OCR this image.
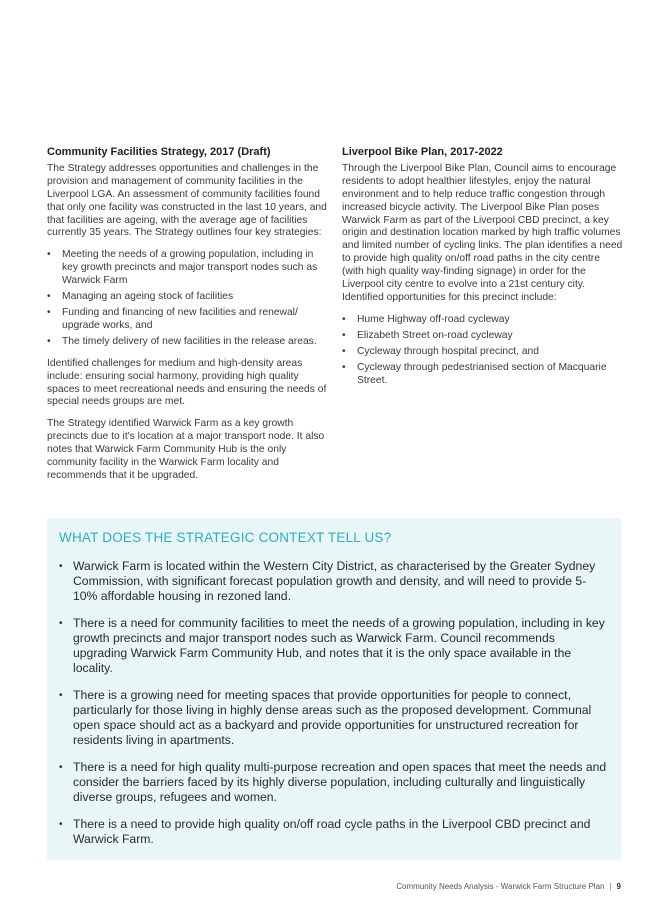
Community Facilities Strategy, 2017 (Draft)

The Strategy addresses opportunities and challenges in the provision and management of community facilities in the Liverpool LGA. An assessment of community facilities found that only one facility was constructed in the last 10 years, and that facilities are ageing, with the average age of facilities currently 35 years. The Strategy outlines four key strategies:

• Meeting the needs of a growing population, including in key growth precincts and major transport nodes such as Warwick Farm
• Managing an ageing stock of facilities
• Funding and financing of new facilities and renewal/ upgrade works, and
• The timely delivery of new facilities in the release areas.

Identified challenges for medium and high-density areas include: ensuring social harmony, providing high quality spaces to meet recreational needs and ensuring the needs of special needs groups are met.

The Strategy identified Warwick Farm as a key growth precincts due to it's location at a major transport node. It also notes that Warwick Farm Community Hub is the only community facility in the Warwick Farm locality and recommends that it be upgraded.

Liverpool Bike Plan, 2017-2022

Through the Liverpool Bike Plan, Council aims to encourage residents to adopt healthier lifestyles, enjoy the natural environment and to help reduce traffic congestion through increased bicycle activity. The Liverpool Bike Plan poses Warwick Farm as part of the Liverpool CBD precinct, a key origin and destination location marked by high traffic volumes and limited number of cycling links. The plan identifies a need to provide high quality on/off road paths in the city centre (with high quality way-finding signage) in order for the Liverpool city centre to evolve into a 21st century city. Identified opportunities for this precinct include:

• Hume Highway off-road cycleway
• Elizabeth Street on-road cycleway
• Cycleway through hospital precinct, and
• Cycleway through pedestrianised section of Macquarie Street.
WHAT DOES THE STRATEGIC CONTEXT TELL US?
• Warwick Farm is located within the Western City District, as characterised by the Greater Sydney Commission, with significant forecast population growth and density, and will need to provide 5-10% affordable housing in rezoned land.
• There is a need for community facilities to meet the needs of a growing population, including in key growth precincts and major transport nodes such as Warwick Farm. Council recommends upgrading Warwick Farm Community Hub, and notes that it is the only space available in the locality.
• There is a growing need for meeting spaces that provide opportunities for people to connect, particularly for those living in highly dense areas such as the proposed development. Communal open space should act as a backyard and provide opportunities for unstructured recreation for residents living in apartments.
• There is a need for high quality multi-purpose recreation and open spaces that meet the needs and consider the barriers faced by its highly diverse population, including culturally and linguistically diverse groups, refugees and women.
• There is a need to provide high quality on/off road cycle paths in the Liverpool CBD precinct and Warwick Farm.
Community Needs Analysis - Warwick Farm Structure Plan | 9
